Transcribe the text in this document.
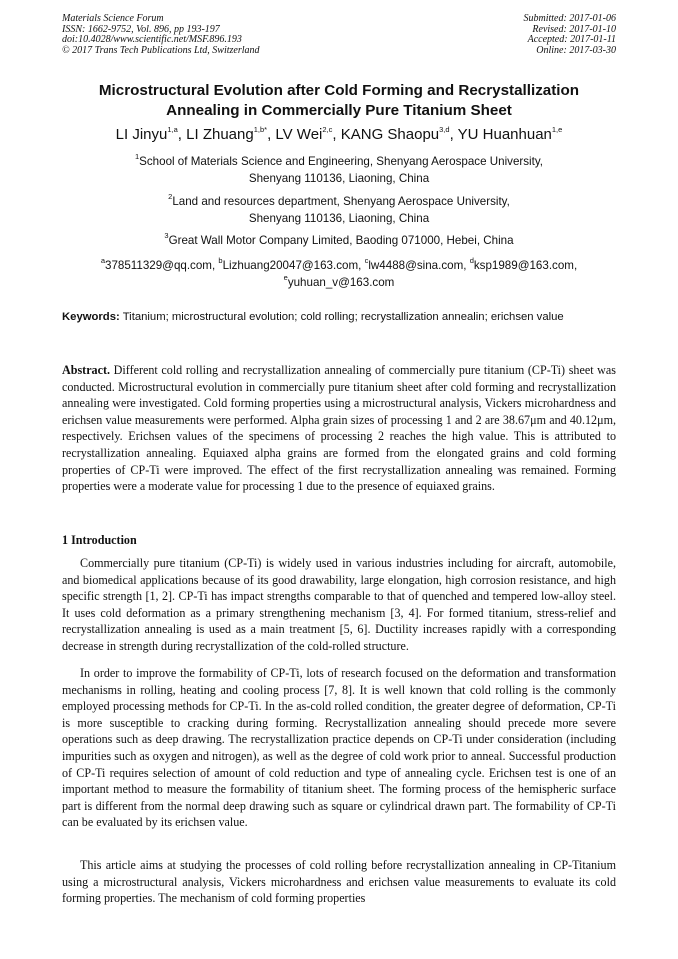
Materials Science Forum
ISSN: 1662-9752, Vol. 896, pp 193-197
doi:10.4028/www.scientific.net/MSF.896.193
© 2017 Trans Tech Publications Ltd, Switzerland
Submitted: 2017-01-06
Revised: 2017-01-10
Accepted: 2017-01-11
Online: 2017-03-30
Microstructural Evolution after Cold Forming and Recrystallization
Annealing in Commercially Pure Titanium Sheet
LI Jinyu$^{1,a}$, LI Zhuang$^{1,b*}$, LV Wei$^{2,c}$, KANG Shaopu$^{3,d}$, YU Huanhuan$^{1,e}$
$^1$School of Materials Science and Engineering, Shenyang Aerospace University,
Shenyang 110136, Liaoning, China
$^2$Land and resources department, Shenyang Aerospace University,
Shenyang 110136, Liaoning, China
$^3$Great Wall Motor Company Limited, Baoding 071000, Hebei, China
$^a$378511329@qq.com, $^b$Lizhuang20047@163.com, $^c$lw4488@sina.com, $^d$ksp1989@163.com,
$^e$yuhuan_v@163.com
Keywords: Titanium; microstructural evolution; cold rolling; recrystallization annealin; erichsen value
Abstract. Different cold rolling and recrystallization annealing of commercially pure titanium (CP-Ti) sheet was conducted. Microstructural evolution in commercially pure titanium sheet after cold forming and recrystallization annealing were investigated. Cold forming properties using a microstructural analysis, Vickers microhardness and erichsen value measurements were performed. Alpha grain sizes of processing 1 and 2 are 38.67μm and 40.12μm, respectively. Erichsen values of the specimens of processing 2 reaches the high value. This is attributed to recrystallization annealing. Equiaxed alpha grains are formed from the elongated grains and cold forming properties of CP-Ti were improved. The effect of the first recrystallization annealing was remained. Forming properties were a moderate value for processing 1 due to the presence of equiaxed grains.
1 Introduction
Commercially pure titanium (CP-Ti) is widely used in various industries including for aircraft, automobile, and biomedical applications because of its good drawability, large elongation, high corrosion resistance, and high specific strength [1, 2]. CP-Ti has impact strengths comparable to that of quenched and tempered low-alloy steel. It uses cold deformation as a primary strengthening mechanism [3, 4]. For formed titanium, stress-relief and recrystallization annealing is used as a main treatment [5, 6]. Ductility increases rapidly with a corresponding decrease in strength during recrystallization of the cold-rolled structure.
In order to improve the formability of CP-Ti, lots of research focused on the deformation and transformation mechanisms in rolling, heating and cooling process [7, 8]. It is well known that cold rolling is the commonly employed processing methods for CP-Ti. In the as-cold rolled condition, the greater degree of deformation, CP-Ti is more susceptible to cracking during forming. Recrystallization annealing should precede more severe operations such as deep drawing. The recrystallization practice depends on CP-Ti under consideration (including impurities such as oxygen and nitrogen), as well as the degree of cold work prior to anneal. Successful production of CP-Ti requires selection of amount of cold reduction and type of annealing cycle. Erichsen test is one of an important method to measure the formability of titanium sheet. The forming process of the hemispheric surface part is different from the normal deep drawing such as square or cylindrical drawn part. The formability of CP-Ti can be evaluated by its erichsen value.
This article aims at studying the processes of cold rolling before recrystallization annealing in CP-Titanium using a microstructural analysis, Vickers microhardness and erichsen value measurements to evaluate its cold forming properties. The mechanism of cold forming properties
